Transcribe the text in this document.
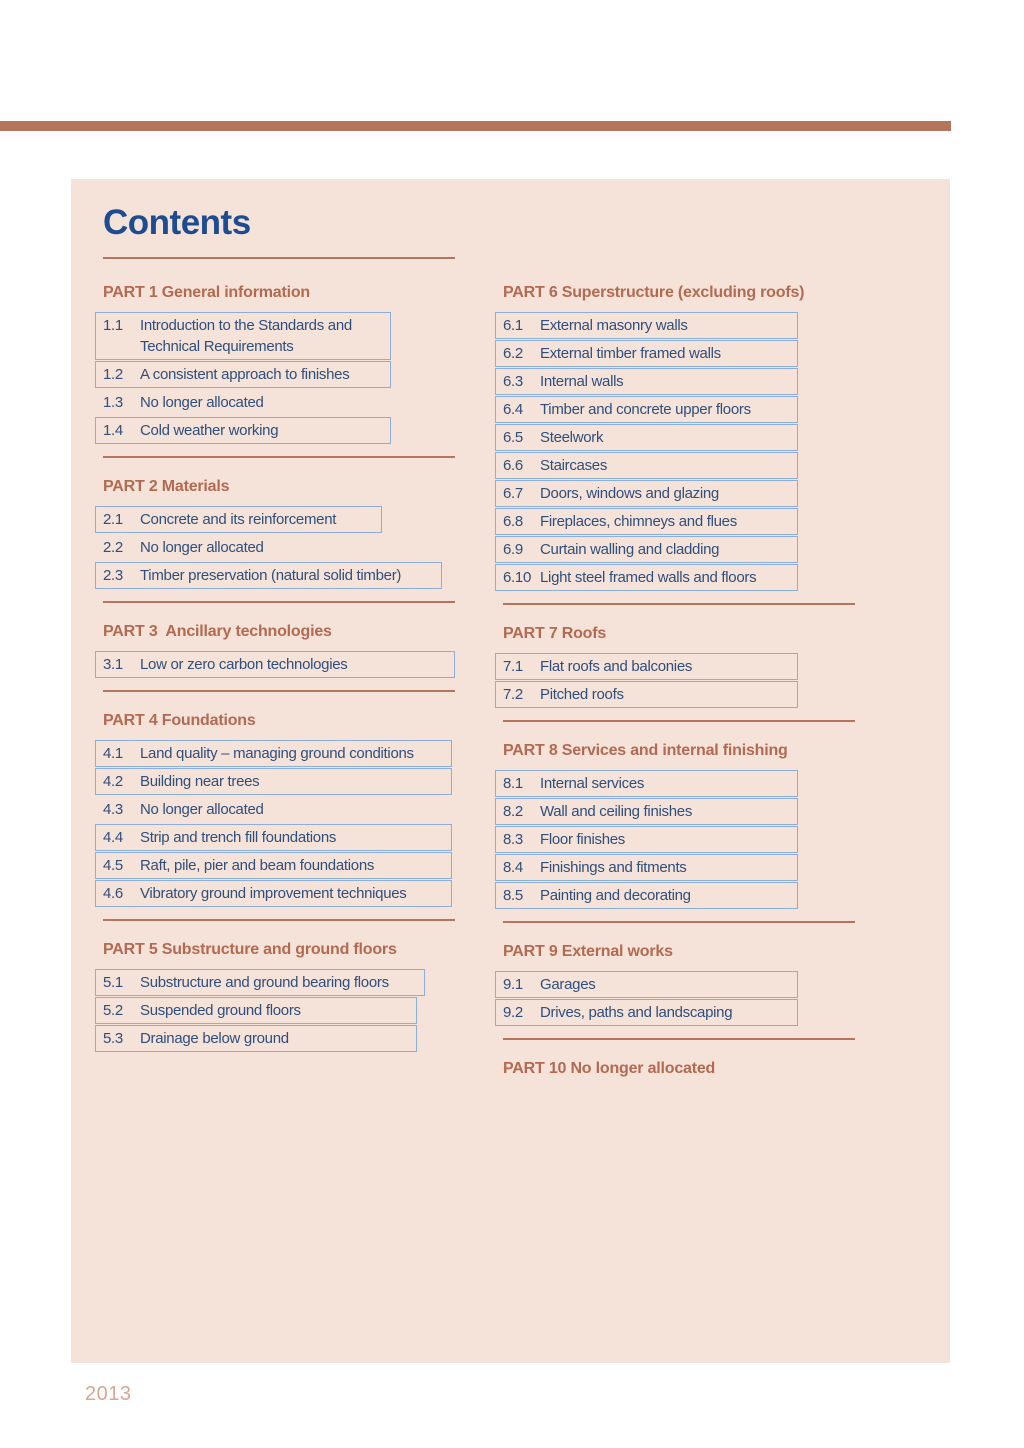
Contents
PART 1 General information
1.1	Introduction to the Standards and Technical Requirements
1.2	A consistent approach to finishes
1.3	No longer allocated
1.4	Cold weather working
PART 2 Materials
2.1	Concrete and its reinforcement
2.2	No longer allocated
2.3	Timber preservation (natural solid timber)
PART 3  Ancillary technologies
3.1	Low or zero carbon technologies
PART 4 Foundations
4.1	Land quality – managing ground conditions
4.2	Building near trees
4.3	No longer allocated
4.4	Strip and trench fill foundations
4.5	Raft, pile, pier and beam foundations
4.6	Vibratory ground improvement techniques
PART 5 Substructure and ground floors
5.1	Substructure and ground bearing floors
5.2	Suspended ground floors
5.3	Drainage below ground
PART 6 Superstructure (excluding roofs)
6.1	External masonry walls
6.2	External timber framed walls
6.3	Internal walls
6.4	Timber and concrete upper floors
6.5	Steelwork
6.6	Staircases
6.7	Doors, windows and glazing
6.8	Fireplaces, chimneys and flues
6.9	Curtain walling and cladding
6.10 Light steel framed walls and floors
PART 7 Roofs
7.1	Flat roofs and balconies
7.2	Pitched roofs
PART 8 Services and internal finishing
8.1	Internal services
8.2	Wall and ceiling finishes
8.3	Floor finishes
8.4	Finishings and fitments
8.5	Painting and decorating
PART 9 External works
9.1	Garages
9.2	Drives, paths and landscaping
PART 10 No longer allocated
2013
